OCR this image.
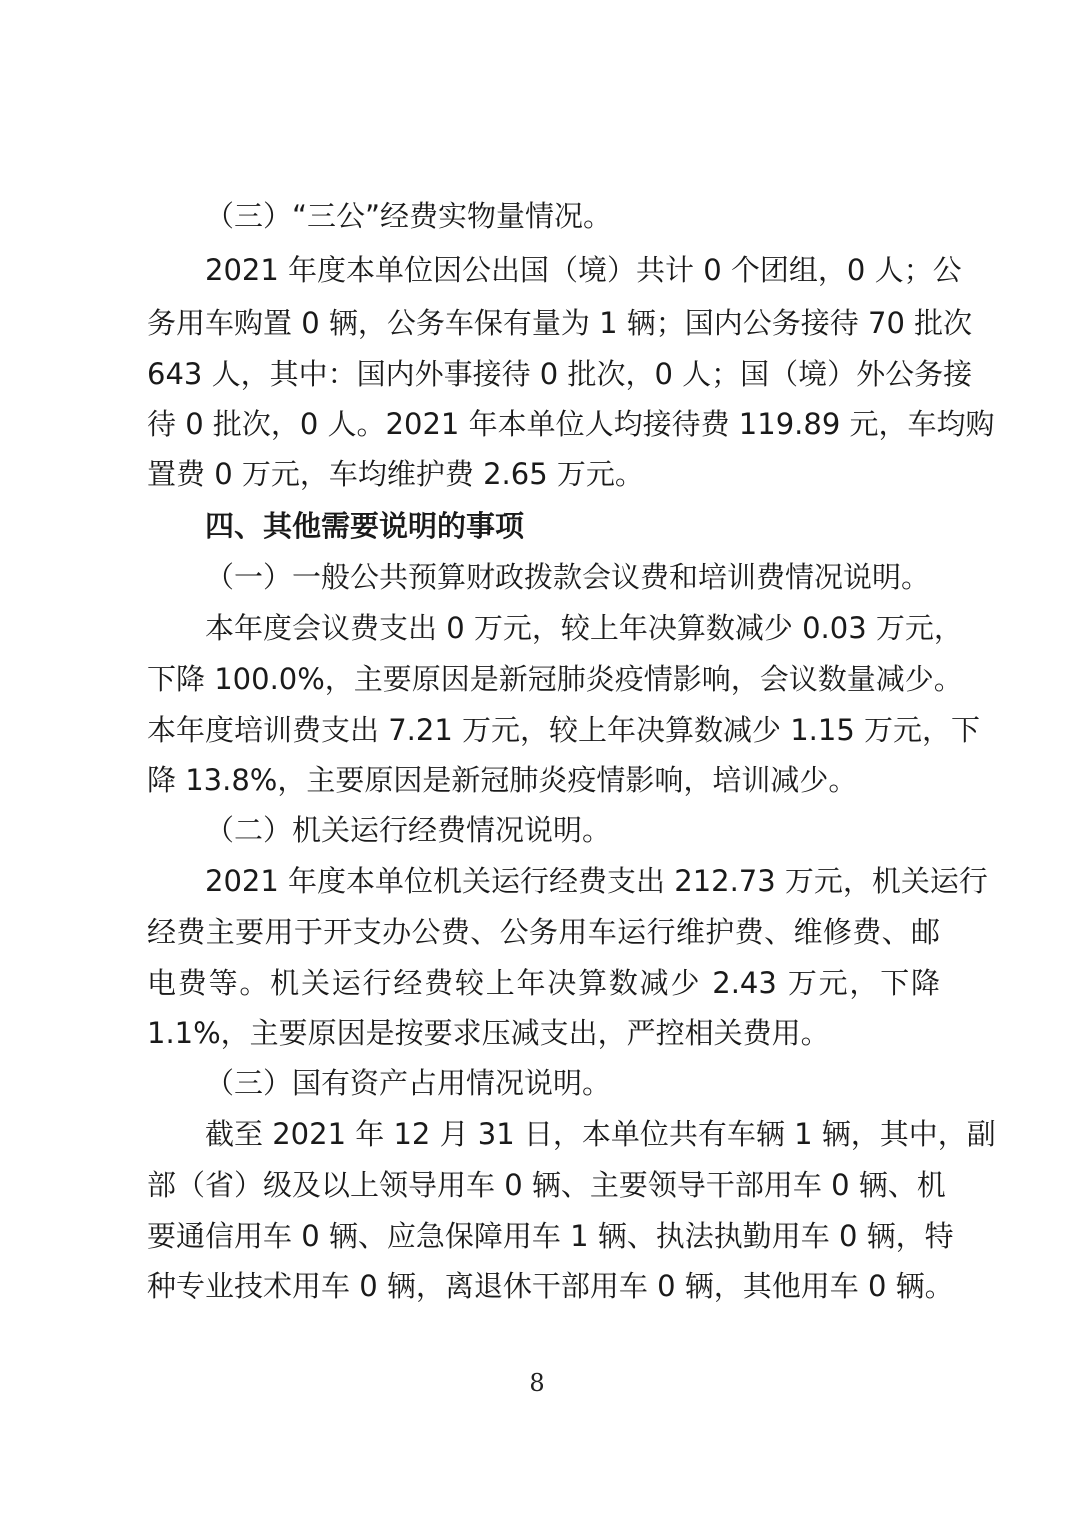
（三）“三公”经费实物量情况。
2021 年度本单位因公出国（境）共计 0 个团组，0 人；公
务用车购置 0 辆，公务车保有量为 1 辆；国内公务接待 70 批次
643 人，其中：国内外事接待 0 批次，0 人；国（境）外公务接
待 0 批次，0 人。2021 年本单位人均接待费 119.89 元，车均购
置费 0 万元，车均维护费 2.65 万元。
四、其他需要说明的事项
（一）一般公共预算财政拨款会议费和培训费情况说明。
本年度会议费支出 0 万元，较上年决算数减少 0.03 万元，
下降 100.0%，主要原因是新冠肺炎疫情影响，会议数量减少。
本年度培训费支出 7.21 万元，较上年决算数减少 1.15 万元，下
降 13.8%，主要原因是新冠肺炎疫情影响，培训减少。
（二）机关运行经费情况说明。
2021 年度本单位机关运行经费支出 212.73 万元，机关运行
经费主要用于开支办公费、公务用车运行维护费、维修费、邮
电费等。机关运行经费较上年决算数减少 2.43 万元，下降
1.1%，主要原因是按要求压减支出，严控相关费用。
（三）国有资产占用情况说明。
截至 2021 年 12 月 31 日，本单位共有车辆 1 辆，其中，副
部（省）级及以上领导用车 0 辆、主要领导干部用车 0 辆、机
要通信用车 0 辆、应急保障用车 1 辆、执法执勤用车 0 辆，特
种专业技术用车 0 辆，离退休干部用车 0 辆，其他用车 0 辆。
8
